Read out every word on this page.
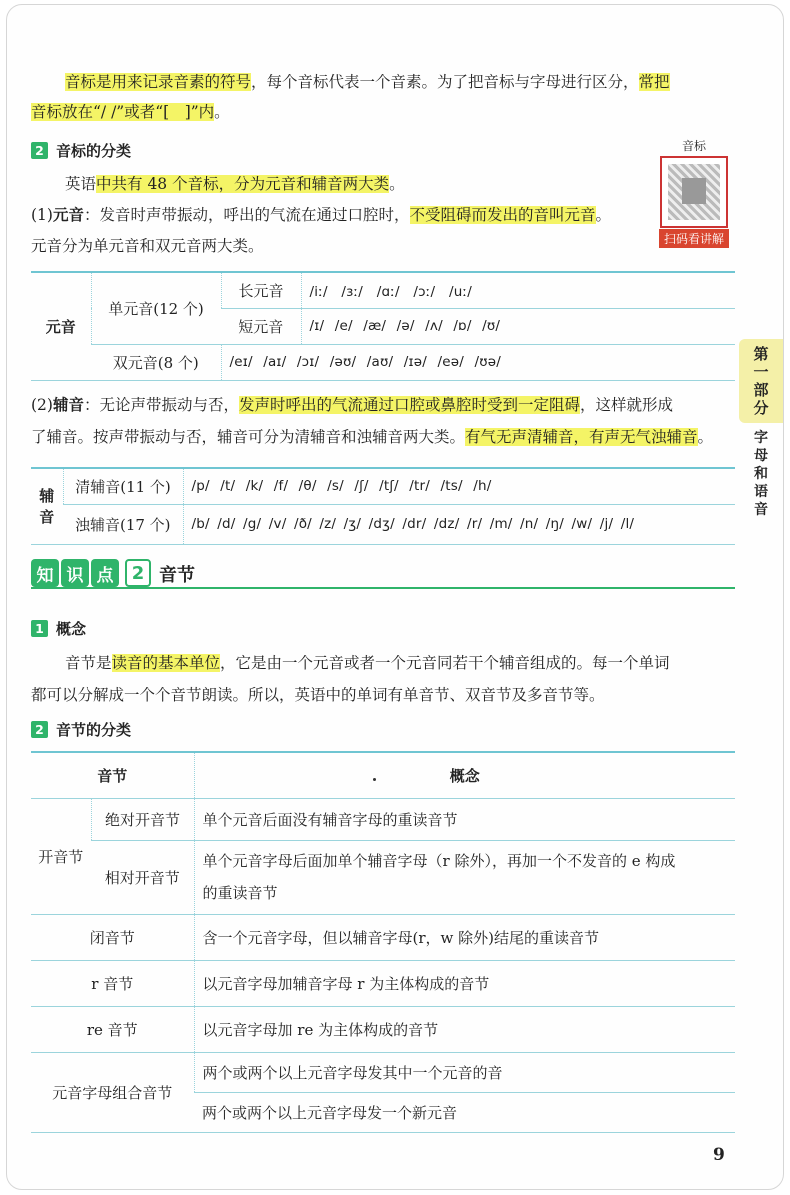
音标是用来记录音素的符号，每个音标代表一个音素。为了把音标与字母进行区分，常把
音标放在“/ /”或者“[　]”内。

2 音标的分类

英语中共有 48 个音标，分为元音和辅音两大类。

(1)元音：发音时声带振动，呼出的气流在通过口腔时，不受阻碍而发出的音叫元音。

元音分为单元音和双元音两大类。

元音	单元音(12 个)	长元音	/iː/　/ɜː/　/ɑː/　/ɔː/　/uː/
		短元音	/ɪ/ /e/ /æ/ /ə/ /ʌ/ /ɒ/ /ʊ/
	双元音(8 个)	/eɪ/ /aɪ/ /ɔɪ/ /əʊ/ /aʊ/ /ɪə/ /eə/ /ʊə/	

(2)辅音：无论声带振动与否，发声时呼出的气流通过口腔或鼻腔时受到一定阻碍，这样就形成
了辅音。按声带振动与否，辅音可分为清辅音和浊辅音两大类。有气无声清辅音，有声无气浊辅音。

辅音	清辅音(11 个)	/p/ /t/ /k/ /f/ /θ/ /s/ /ʃ/ /tʃ/ /tr/ /ts/ /h/
	浊辅音(17 个)	/b/ /d/ /g/ /v/ /ð/ /z/ /ʒ/ /dʒ/ /dr/ /dz/ /r/ /m/ /n/ /ŋ/ /w/ /j/ /l/
知 识 点	2 音节
1 概念

音节是读音的基本单位，它是由一个元音或者一个元音同若干个辅音组成的。每一个单词
都可以分解成一个个音节朗读。所以，英语中的单词有单音节、双音节及多音节等。

2 音节的分类
音节		概念
开音节	绝对开音节	单个元音后面没有辅音字母的重读音节
	相对开音节	单个元音字母后面加单个辅音字母（r 除外），再加一个不发音的 e 构成
的重读音节
闭音节		含一个元音字母，但以辅音字母(r，w 除外)结尾的重读音节
r 音节		以元音字母加辅音字母 r 为主体构成的音节
re 音节		以元音字母加 re 为主体构成的音节
元音字母组合音节		两个或两个以上元音字母发其中一个元音的音
		两个或两个以上元音字母发一个新元音
音标
扫码看讲解
第
一
部
分
字
母
和
语
音
9
